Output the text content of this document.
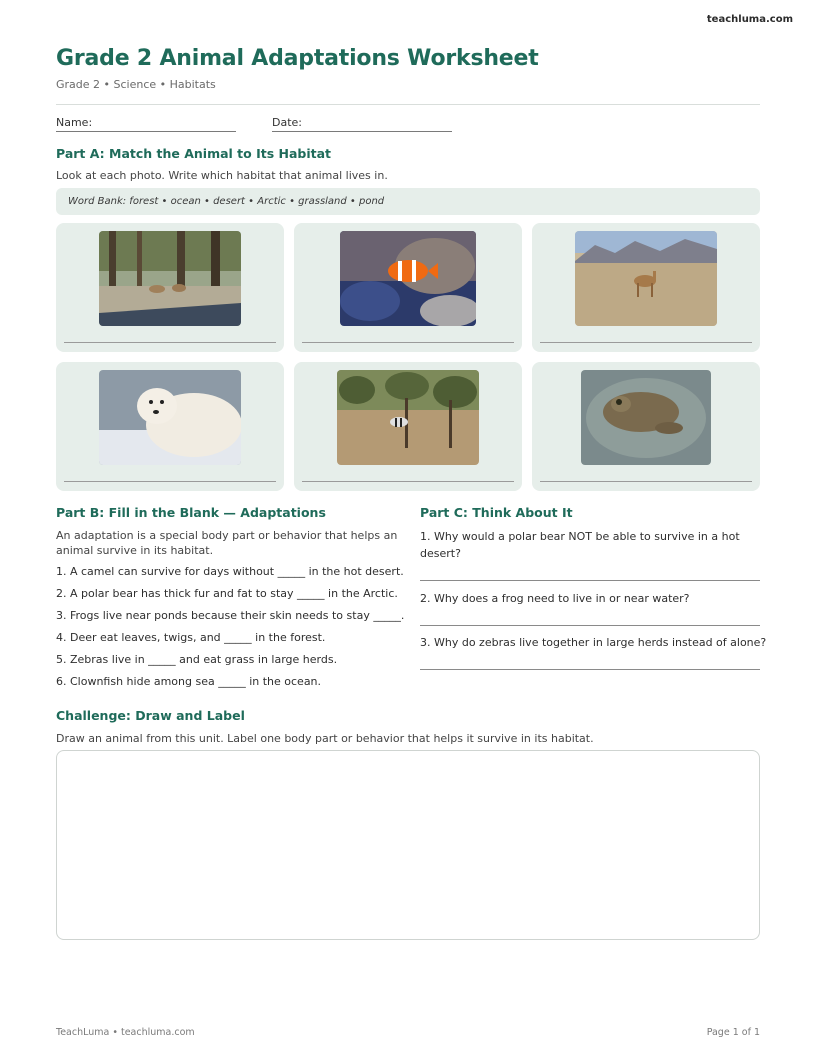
teachluma.com
Grade 2 Animal Adaptations Worksheet
Grade 2 • Science • Habitats
Name:	Date:
Part A: Match the Animal to Its Habitat
Look at each photo. Write which habitat that animal lives in.
Word Bank: forest • ocean • desert • Arctic • grassland • pond
Part B: Fill in the Blank — Adaptations
An adaptation is a special body part or behavior that helps an
animal survive in its habitat.
1. A camel can survive for days without _____ in the hot desert.
2. A polar bear has thick fur and fat to stay _____ in the Arctic.
3. Frogs live near ponds because their skin needs to stay _____.
4. Deer eat leaves, twigs, and _____ in the forest.
5. Zebras live in _____ and eat grass in large herds.
6. Clownfish hide among sea _____ in the ocean.
Part C: Think About It
1. Why would a polar bear NOT be able to survive in a hot
desert?
2. Why does a frog need to live in or near water?
3. Why do zebras live together in large herds instead of alone?
Challenge: Draw and Label
Draw an animal from this unit. Label one body part or behavior that helps it survive in its habitat.
TeachLuma • teachluma.com	Page 1 of 1
